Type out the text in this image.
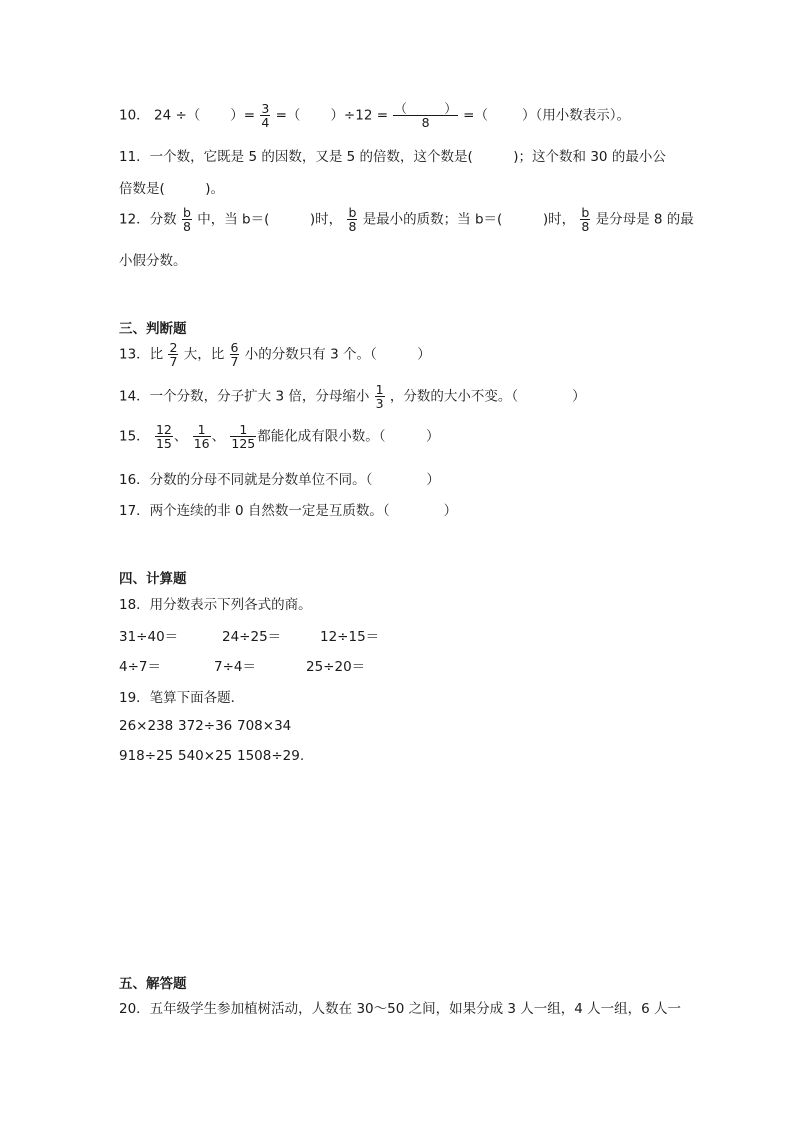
10． 24 ÷（ ）= $\frac{3}{4}$ =（ ）$\div 12 = \frac{( )}{8}$ =（	）（用小数表示）。
11．一个数，它既是 5 的因数，又是 5 的倍数，这个数是(　　　)；这个数和 30 的最小公
倍数是(　　　)。
12．分数 $\frac{b}{8}$ 中，当 b＝(　　　)时， $\frac{b}{8}$ 是最小的质数；当 b＝(　　　)时， $\frac{b}{8}$ 是分母是 8 的最
小假分数。
三、判断题
13．比 $\frac{2}{7}$ 大，比 $\frac{6}{7}$ 小的分数只有 3 个。（　　　）
14．一个分数，分子扩大 3 倍，分母缩小 $\frac{1}{3}$ ，分数的大小不变。（　　　　）
15． $\frac{12}{15}$ 、 $\frac{1}{16}$ 、 $\frac{1}{125}$ 都能化成有限小数。（　　　）
16．分数的分母不同就是分数单位不同。（　　　　）
17．两个连续的非 0 自然数一定是互质数。（　　　　）
四、计算题
18．用分数表示下列各式的商。
31÷40＝	24÷25＝	12÷15＝
4÷7＝	7÷4＝	25÷20＝
19．笔算下面各题．
26×238 372÷36 708×34
918÷25 540×25 1508÷29.
五、解答题
20．五年级学生参加植树活动，人数在 30～50 之间，如果分成 3 人一组，4 人一组，6 人一
